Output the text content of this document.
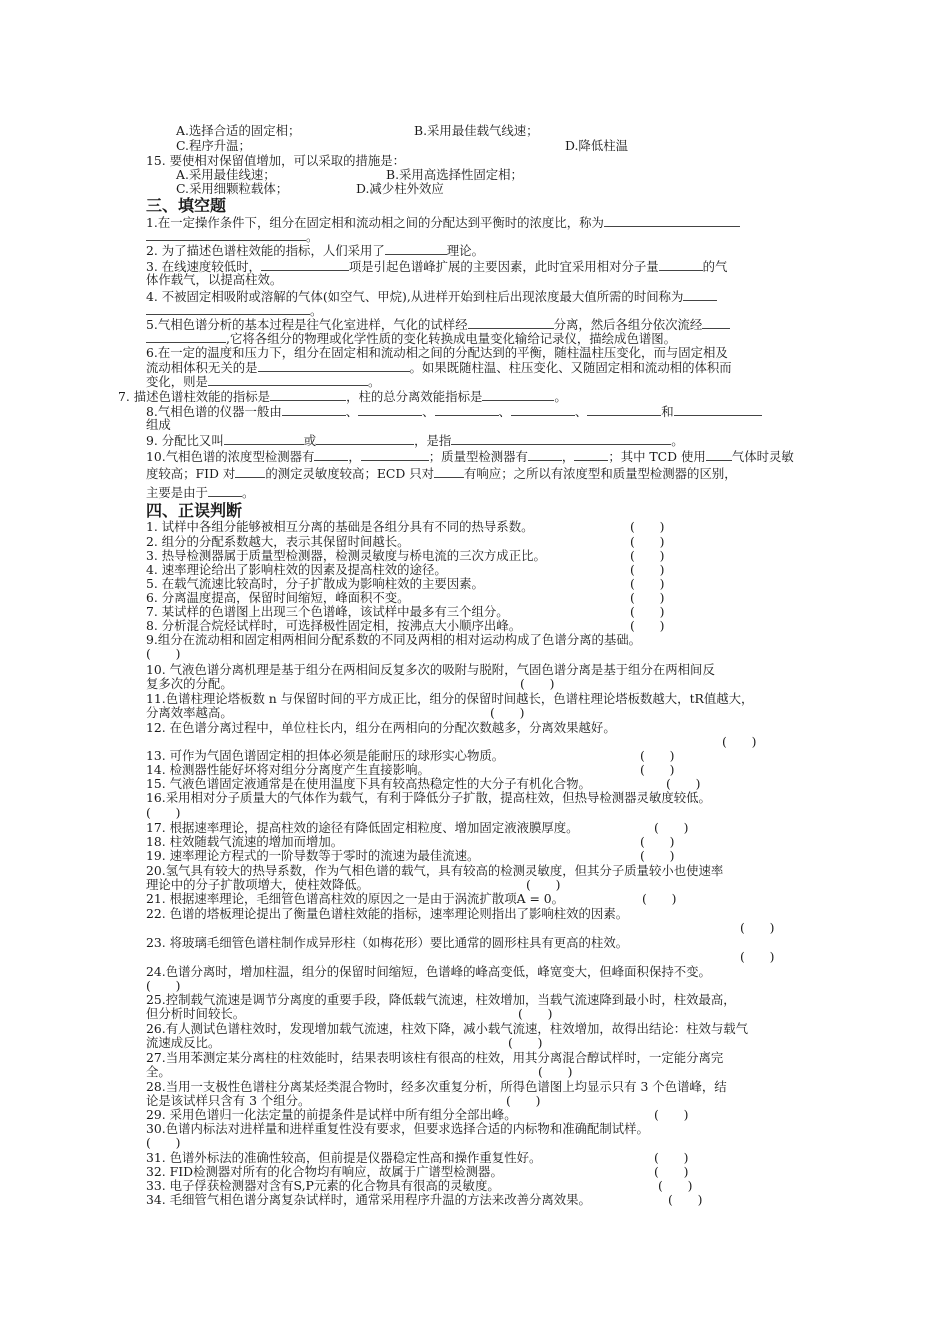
A.选择合适的固定相；	B.采用最佳载气线速；
C.程序升温；	D.降低柱温
15. 要使相对保留值增加，可以采取的措施是：
A.采用最佳线速；	B.采用高选择性固定相；
C.采用细颗粒载体；	D.减少柱外效应
三、填空题
1.在一定操作条件下，组分在固定相和流动相之间的分配达到平衡时的浓度比，称为
。
2. 为了描述色谱柱效能的指标，人们采用了	理论。
3. 在线速度较低时，	项是引起色谱峰扩展的主要因素，此时宜采用相对分子量	的气
体作载气，以提高柱效。
4. 不被固定相吸附或溶解的气体(如空气、甲烷),从进样开始到柱后出现浓度最大值所需的时间称为
。
5.气相色谱分析的基本过程是往气化室进样，气化的试样经	分离，然后各组分依次流经
,它将各组分的物理或化学性质的变化转换成电量变化输给记录仪，描绘成色谱图。
6.在一定的温度和压力下，组分在固定相和流动相之间的分配达到的平衡，随柱温柱压变化，而与固定相及
流动相体积无关的是	。如果既随柱温、柱压变化、又随固定相和流动相的体积而
变化，则是	。
7. 描述色谱柱效能的指标是	，柱的总分离效能指标是	。
8.气相色谱的仪器一般由	、	、	、	、	和
组成
9. 分配比又叫	或	，是指	。
10.气相色谱的浓度型检测器有	，	；质量型检测器有	，	；其中 TCD 使用 气体时灵敏
度较高；FID 对 的测定灵敏度较高；ECD 只对 有响应；之所以有浓度型和质量型检测器的区别，
主要是由于	。
四、正误判断
1. 试样中各组分能够被相互分离的基础是各组分具有不同的热导系数。	(　　)
2. 组分的分配系数越大，表示其保留时间越长。	(　　)
3. 热导检测器属于质量型检测器，检测灵敏度与桥电流的三次方成正比。	(　　)
4. 速率理论给出了影响柱效的因素及提高柱效的途径。	(　　)
5. 在载气流速比较高时，分子扩散成为影响柱效的主要因素。	(　　)
6. 分离温度提高，保留时间缩短，峰面积不变。	(　　)
7. 某试样的色谱图上出现三个色谱峰，该试样中最多有三个组分。	(　　)
8. 分析混合烷烃试样时，可选择极性固定相，按沸点大小顺序出峰。	(　　)
9.组分在流动相和固定相两相间分配系数的不同及两相的相对运动构成了色谱分离的基础。
(　　)
10. 气液色谱分离机理是基于组分在两相间反复多次的吸附与脱附，气固色谱分离是基于组分在两相间反
复多次的分配。	(　　)
11.色谱柱理论塔板数 n 与保留时间的平方成正比，组分的保留时间越长，色谱柱理论塔板数越大，tR值越大，
分离效率越高。	(　　)
12. 在色谱分离过程中，单位柱长内，组分在两相向的分配次数越多，分离效果越好。
(　　)
13. 可作为气固色谱固定相的担体必须是能耐压的球形实心物质。	(　　)
14. 检测器性能好坏将对组分分离度产生直接影响。	(　　)
15. 气液色谱固定液通常是在使用温度下具有较高热稳定性的大分子有机化合物。	(　　)
16.采用相对分子质量大的气体作为载气，有利于降低分子扩散，提高柱效，但热导检测器灵敏度较低。
(　　)
17. 根据速率理论，提高柱效的途径有降低固定相粒度、增加固定液液膜厚度。	(　　)
18. 柱效随载气流速的增加而增加。	(　　)
19. 速率理论方程式的一阶导数等于零时的流速为最佳流速。	(　　)
20.氢气具有较大的热导系数，作为气相色谱的载气，具有较高的检测灵敏度，但其分子质量较小也使速率
理论中的分子扩散项增大，使柱效降低。	(　　)
21. 根据速率理论，毛细管色谱高柱效的原因之一是由于涡流扩散项A = 0。	(　　)
22. 色谱的塔板理论提出了衡量色谱柱效能的指标，速率理论则指出了影响柱效的因素。
(　　)
23. 将玻璃毛细管色谱柱制作成异形柱（如梅花形）要比通常的圆形柱具有更高的柱效。
(　　)
24.色谱分离时，增加柱温，组分的保留时间缩短，色谱峰的峰高变低，峰宽变大，但峰面积保持不变。
(　　)
25.控制载气流速是调节分离度的重要手段，降低载气流速，柱效增加，当载气流速降到最小时，柱效最高，
但分析时间较长。	(　　)
26.有人测试色谱柱效时，发现增加载气流速，柱效下降，减小载气流速，柱效增加，故得出结论：柱效与载气
流速成反比。	(　　)
27.当用苯测定某分离柱的柱效能时，结果表明该柱有很高的柱效，用其分离混合醇试样时，一定能分离完
全。	(　　)
28.当用一支极性色谱柱分离某烃类混合物时，经多次重复分析，所得色谱图上均显示只有 3 个色谱峰，结
论是该试样只含有 3 个组分。	(　　)
29. 采用色谱归一化法定量的前提条件是试样中所有组分全部出峰。	(　　)
30.色谱内标法对进样量和进样重复性没有要求，但要求选择合适的内标物和准确配制试样。
(　　)
31. 色谱外标法的准确性较高，但前提是仪器稳定性高和操作重复性好。	(　　)
32. FID检测器对所有的化合物均有响应，故属于广谱型检测器。	(　　)
33. 电子俘获检测器对含有S,P元素的化合物具有很高的灵敏度。	(　　)
34. 毛细管气相色谱分离复杂试样时，通常采用程序升温的方法来改善分离效果。	(　　)
